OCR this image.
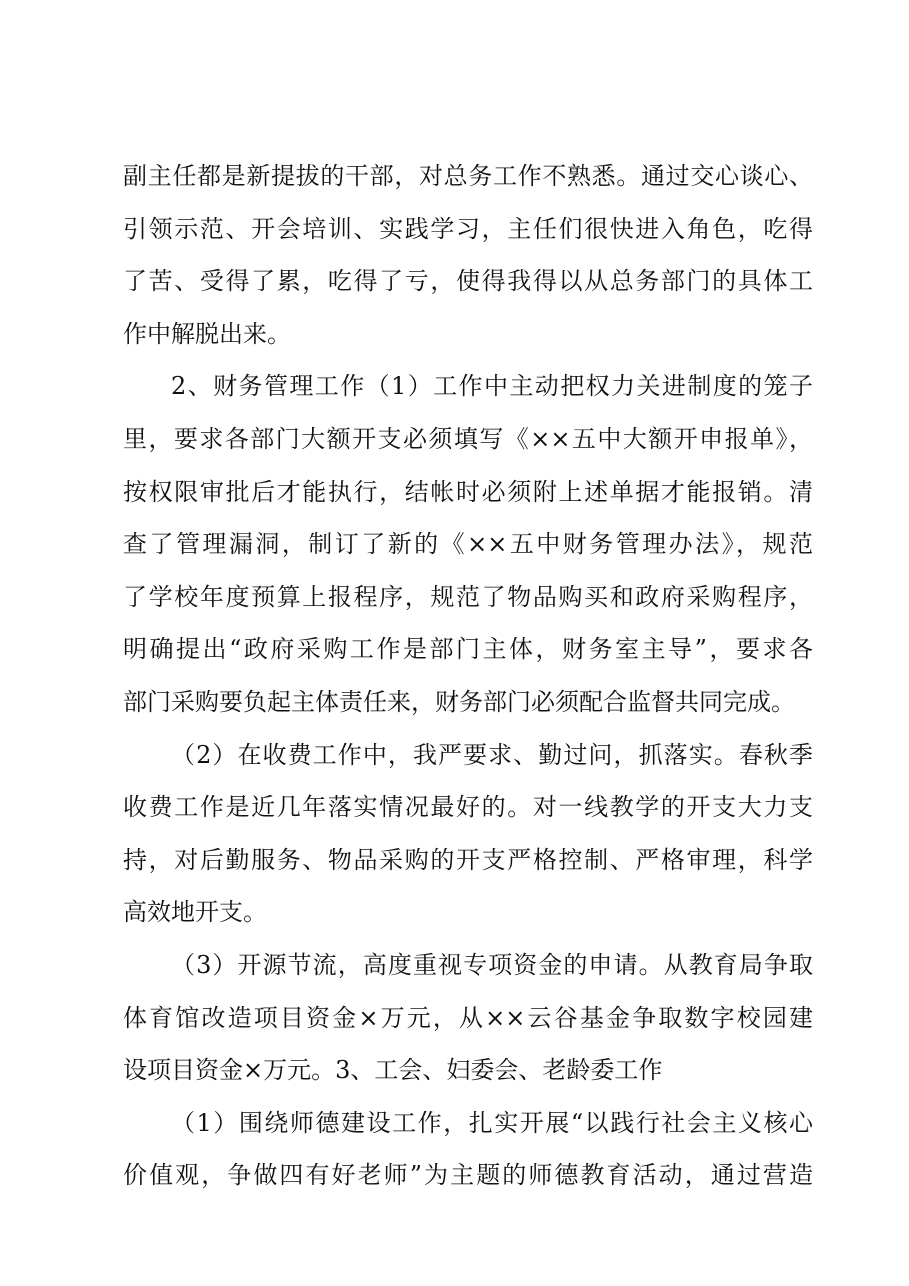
副主任都是新提拔的干部，对总务工作不熟悉。通过交心谈心、
引领示范、开会培训、实践学习，主任们很快进入角色，吃得
了苦、受得了累，吃得了亏，使得我得以从总务部门的具体工
作中解脱出来。
2、财务管理工作（1）工作中主动把权力关进制度的笼子
里，要求各部门大额开支必须填写《××五中大额开申报单》，
按权限审批后才能执行，结帐时必须附上述单据才能报销。清
查了管理漏洞，制订了新的《××五中财务管理办法》，规范
了学校年度预算上报程序，规范了物品购买和政府采购程序，
明确提出“政府采购工作是部门主体，财务室主导”，要求各
部门采购要负起主体责任来，财务部门必须配合监督共同完成。
（2）在收费工作中，我严要求、勤过问，抓落实。春秋季
收费工作是近几年落实情况最好的。对一线教学的开支大力支
持，对后勤服务、物品采购的开支严格控制、严格审理，科学
高效地开支。
（3）开源节流，高度重视专项资金的申请。从教育局争取
体育馆改造项目资金×万元，从××云谷基金争取数字校园建
设项目资金×万元。3、工会、妇委会、老龄委工作
（1）围绕师德建设工作，扎实开展“以践行社会主义核心
价值观，争做四有好老师”为主题的师德教育活动，通过营造
